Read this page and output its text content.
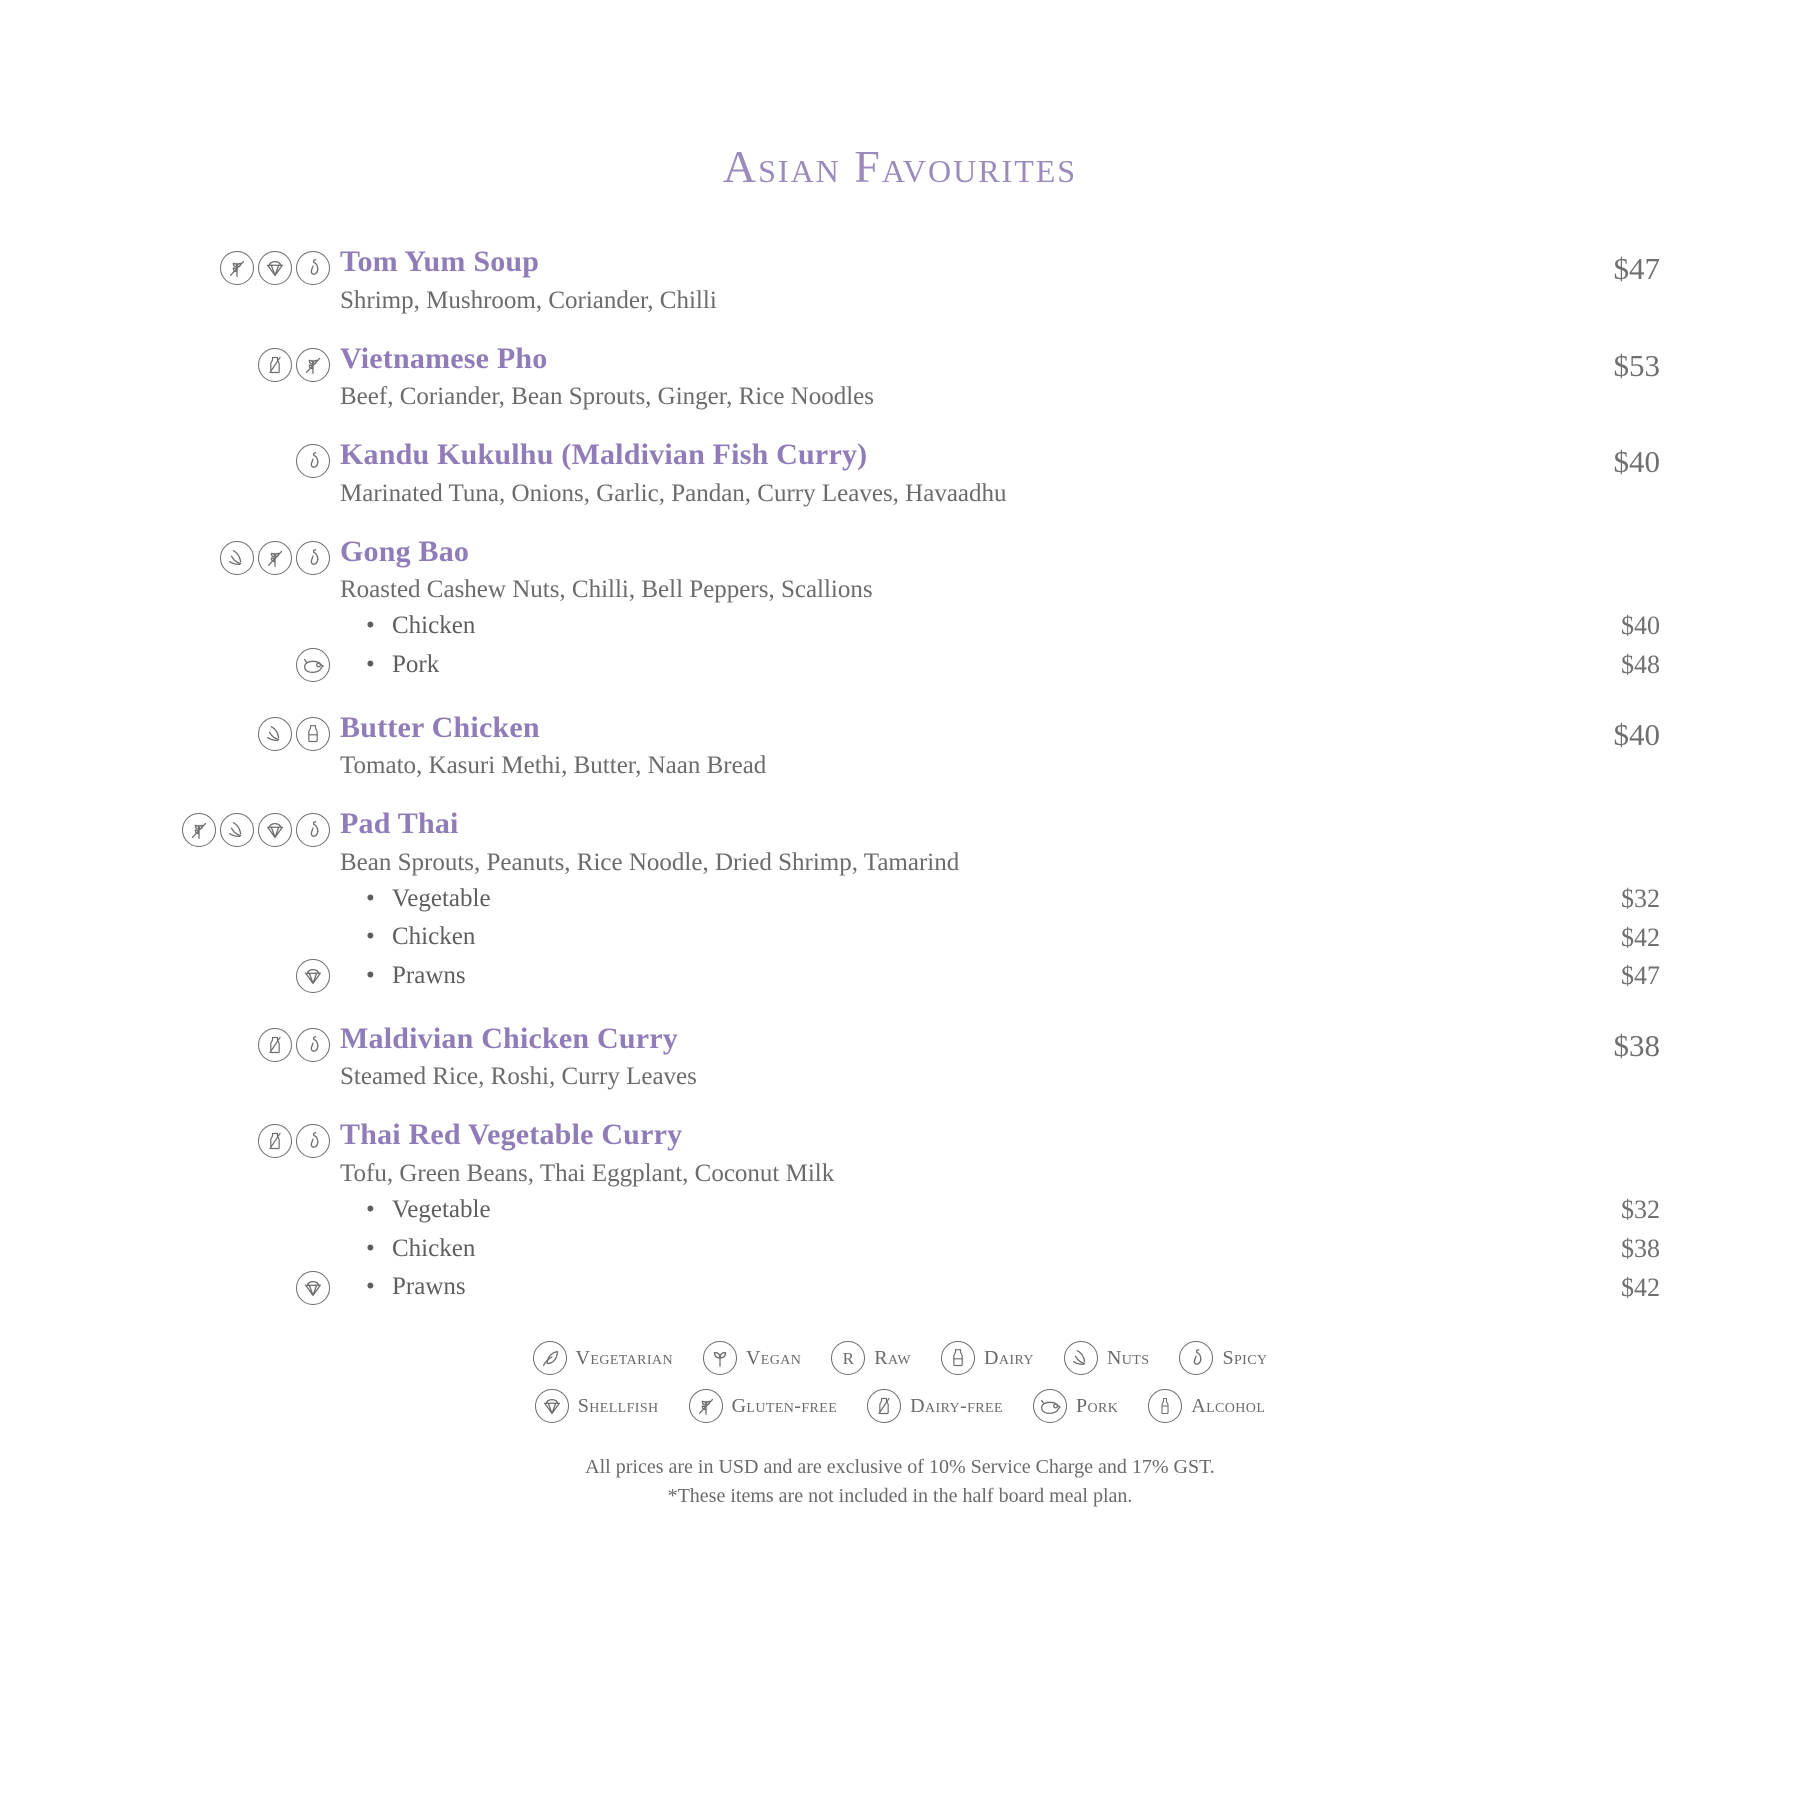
Asian Favourites
Tom Yum Soup
Shrimp, Mushroom, Coriander, Chilli
$47
Vietnamese Pho
Beef, Coriander, Bean Sprouts, Ginger, Rice Noodles
$53
Kandu Kukulhu (Maldivian Fish Curry)
Marinated Tuna, Onions, Garlic, Pandan, Curry Leaves, Havaadhu
$40
Gong Bao
Roasted Cashew Nuts, Chilli, Bell Peppers, Scallions
• Chicken	$40
• Pork	$48
Butter Chicken
Tomato, Kasuri Methi, Butter, Naan Bread
$40
Pad Thai
Bean Sprouts, Peanuts, Rice Noodle, Dried Shrimp, Tamarind
• Vegetable	$32
• Chicken	$42
• Prawns	$47
Maldivian Chicken Curry
Steamed Rice, Roshi, Curry Leaves
$38
Thai Red Vegetable Curry
Tofu, Green Beans, Thai Eggplant, Coconut Milk
• Vegetable	$32
• Chicken	$38
• Prawns	$42
Vegetarian	Vegan R Raw	Dairy	Nuts	Spicy
Shellfish	Gluten-free	Dairy-free	Pork	Alcohol
All prices are in USD and are exclusive of 10% Service Charge and 17% GST.
*These items are not included in the half board meal plan.
